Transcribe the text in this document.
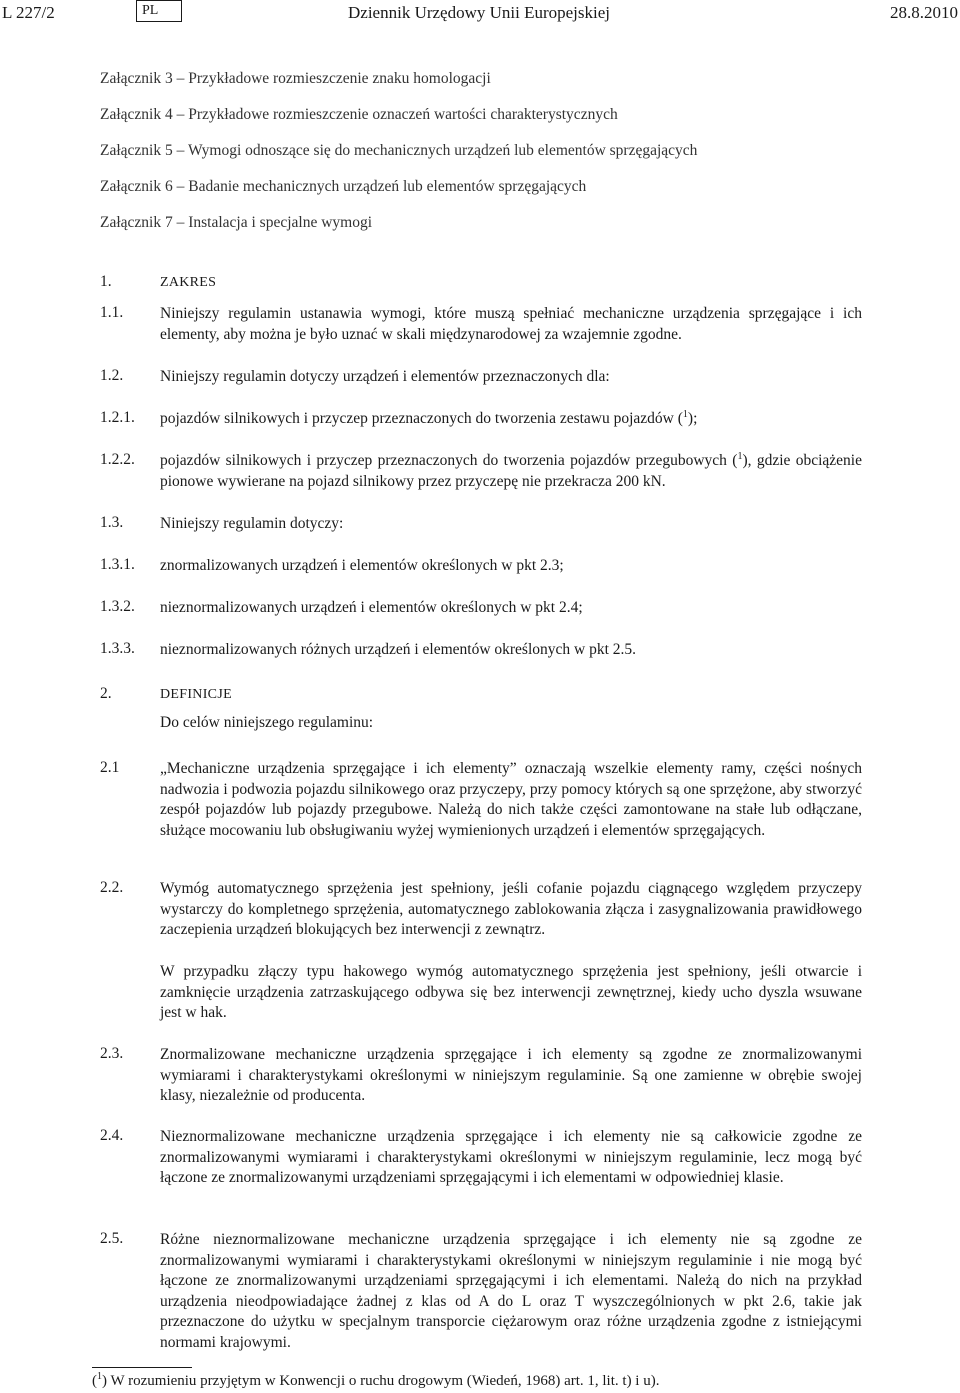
L 227/2	PL	Dziennik Urzędowy Unii Europejskiej	28.8.2010
Załącznik 3 – Przykładowe rozmieszczenie znaku homologacji
Załącznik 4 – Przykładowe rozmieszczenie oznaczeń wartości charakterystycznych
Załącznik 5 – Wymogi odnoszące się do mechanicznych urządzeń lub elementów sprzęgających
Załącznik 6 – Badanie mechanicznych urządzeń lub elementów sprzęgających
Załącznik 7 – Instalacja i specjalne wymogi
1.	ZAKRES
1.1.	Niniejszy regulamin ustanawia wymogi, które muszą spełniać mechaniczne urządzenia sprzęgające i ich elementy, aby można je było uznać w skali międzynarodowej za wzajemnie zgodne.
1.2.	Niniejszy regulamin dotyczy urządzeń i elementów przeznaczonych dla:
1.2.1.	pojazdów silnikowych i przyczep przeznaczonych do tworzenia zestawu pojazdów ($^1$);
1.2.2.	pojazdów silnikowych i przyczep przeznaczonych do tworzenia pojazdów przegubowych ($^1$), gdzie obciążenie pionowe wywierane na pojazd silnikowy przez przyczepę nie przekracza 200 kN.
1.3.	Niniejszy regulamin dotyczy:
1.3.1.	znormalizowanych urządzeń i elementów określonych w pkt 2.3;
1.3.2.	nieznormalizowanych urządzeń i elementów określonych w pkt 2.4;
1.3.3.	nieznormalizowanych różnych urządzeń i elementów określonych w pkt 2.5.
2.	DEFINICJE
Do celów niniejszego regulaminu:
2.1	„Mechaniczne urządzenia sprzęgające i ich elementy” oznaczają wszelkie elementy ramy, części nośnych nadwozia i podwozia pojazdu silnikowego oraz przyczepy, przy pomocy których są one sprzężone, aby stworzyć zespół pojazdów lub pojazdy przegubowe. Należą do nich także części zamontowane na stałe lub odłączane, służące mocowaniu lub obsługiwaniu wyżej wymienionych urządzeń i elementów sprzęgających.
2.2.	Wymóg automatycznego sprzężenia jest spełniony, jeśli cofanie pojazdu ciągnącego względem przyczepy wystarczy do kompletnego sprzężenia, automatycznego zablokowania złącza i zasygnalizowania prawidłowego zaczepienia urządzeń blokujących bez interwencji z zewnątrz.
W przypadku złączy typu hakowego wymóg automatycznego sprzężenia jest spełniony, jeśli otwarcie i zamknięcie urządzenia zatrzaskującego odbywa się bez interwencji zewnętrznej, kiedy ucho dyszla wsuwane jest w hak.
2.3.	Znormalizowane mechaniczne urządzenia sprzęgające i ich elementy są zgodne ze znormalizowanymi wymiarami i charakterystykami określonymi w niniejszym regulaminie. Są one zamienne w obrębie swojej klasy, niezależnie od producenta.
2.4.	Nieznormalizowane mechaniczne urządzenia sprzęgające i ich elementy nie są całkowicie zgodne ze znormalizowanymi wymiarami i charakterystykami określonymi w niniejszym regulaminie, lecz mogą być łączone ze znormalizowanymi urządzeniami sprzęgającymi i ich elementami w odpowiedniej klasie.
2.5.	Różne nieznormalizowane mechaniczne urządzenia sprzęgające i ich elementy nie są zgodne ze znormalizowanymi wymiarami i charakterystykami określonymi w niniejszym regulaminie i nie mogą być łączone ze znormalizowanymi urządzeniami sprzęgającymi i ich elementami. Należą do nich na przykład urządzenia nieodpowiadające żadnej z klas od A do L oraz T wyszczególnionych w pkt 2.6, takie jak przeznaczone do użytku w specjalnym transporcie ciężarowym oraz różne urządzenia zgodne z istniejącymi normami krajowymi.
($^1$) W rozumieniu przyjętym w Konwencji o ruchu drogowym (Wiedeń, 1968) art. 1, lit. t) i u).
